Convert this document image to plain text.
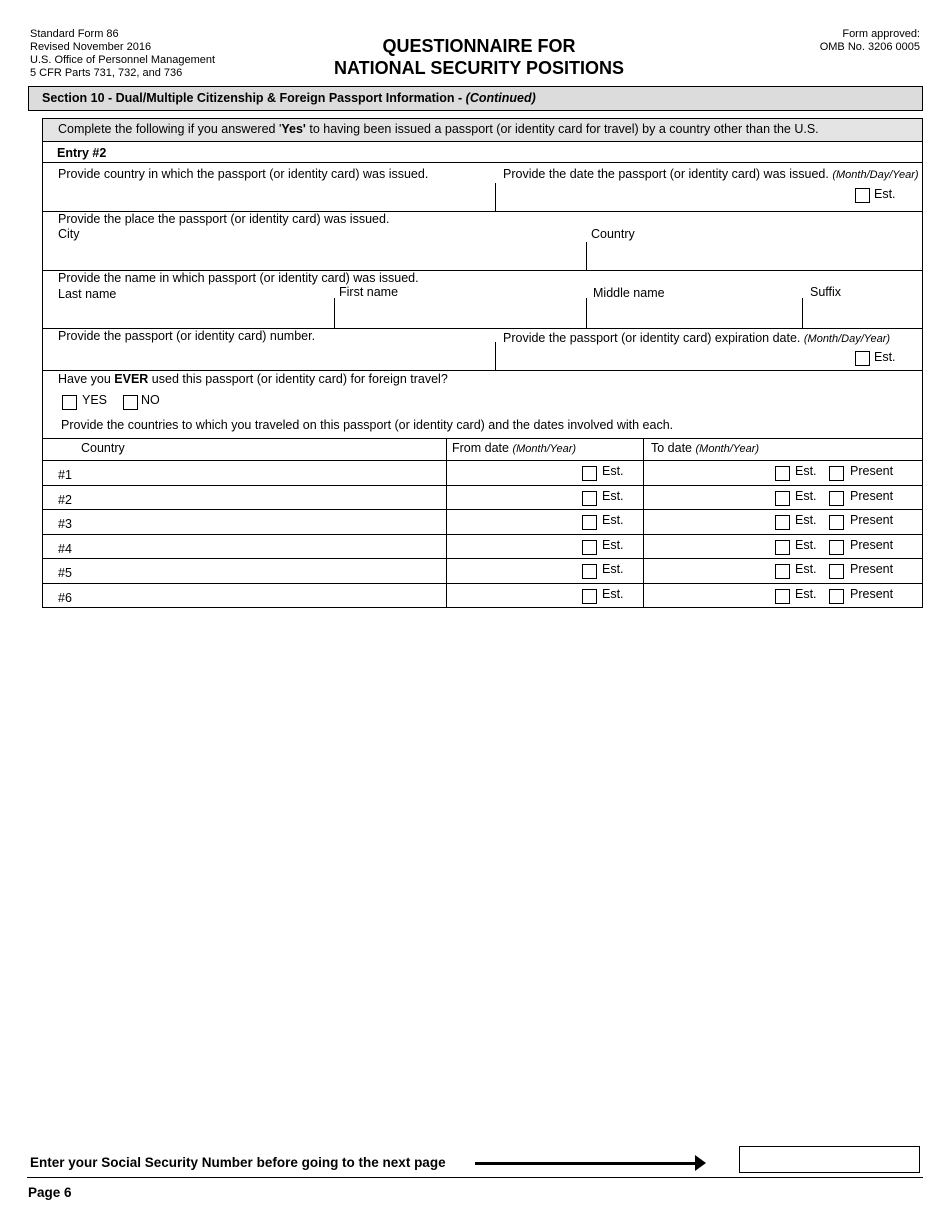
Standard Form 86
Revised November 2016
U.S. Office of Personnel Management
5 CFR Parts 731, 732, and 736
QUESTIONNAIRE FOR
NATIONAL SECURITY POSITIONS
Form approved:
OMB No. 3206 0005
Section 10 - Dual/Multiple Citizenship & Foreign Passport Information - (Continued)
Complete the following if you answered 'Yes' to having been issued a passport (or identity card for travel) by a country other than the U.S.
Entry #2
Provide country in which the passport (or identity card) was issued.	Provide the date the passport (or identity card) was issued. (Month/Day/Year)
Est.
Provide the place the passport (or identity card) was issued.
City	Country
Provide the name in which passport (or identity card) was issued.
Last name	First name	Middle name	Suffix
Provide the passport (or identity card) number.	Provide the passport (or identity card) expiration date. (Month/Day/Year)
Est.
Have you EVER used this passport (or identity card) for foreign travel?
YES	NO
Provide the countries to which you traveled on this passport (or identity card) and the dates involved with each.
Country	From date (Month/Year)	To date (Month/Year)
#1	Est.	Est.	Present
#2	Est.	Est.	Present
#3	Est.	Est.	Present
#4	Est.	Est.	Present
#5	Est.	Est.	Present
#6	Est.	Est.	Present
Enter your Social Security Number before going to the next page
Page 6
